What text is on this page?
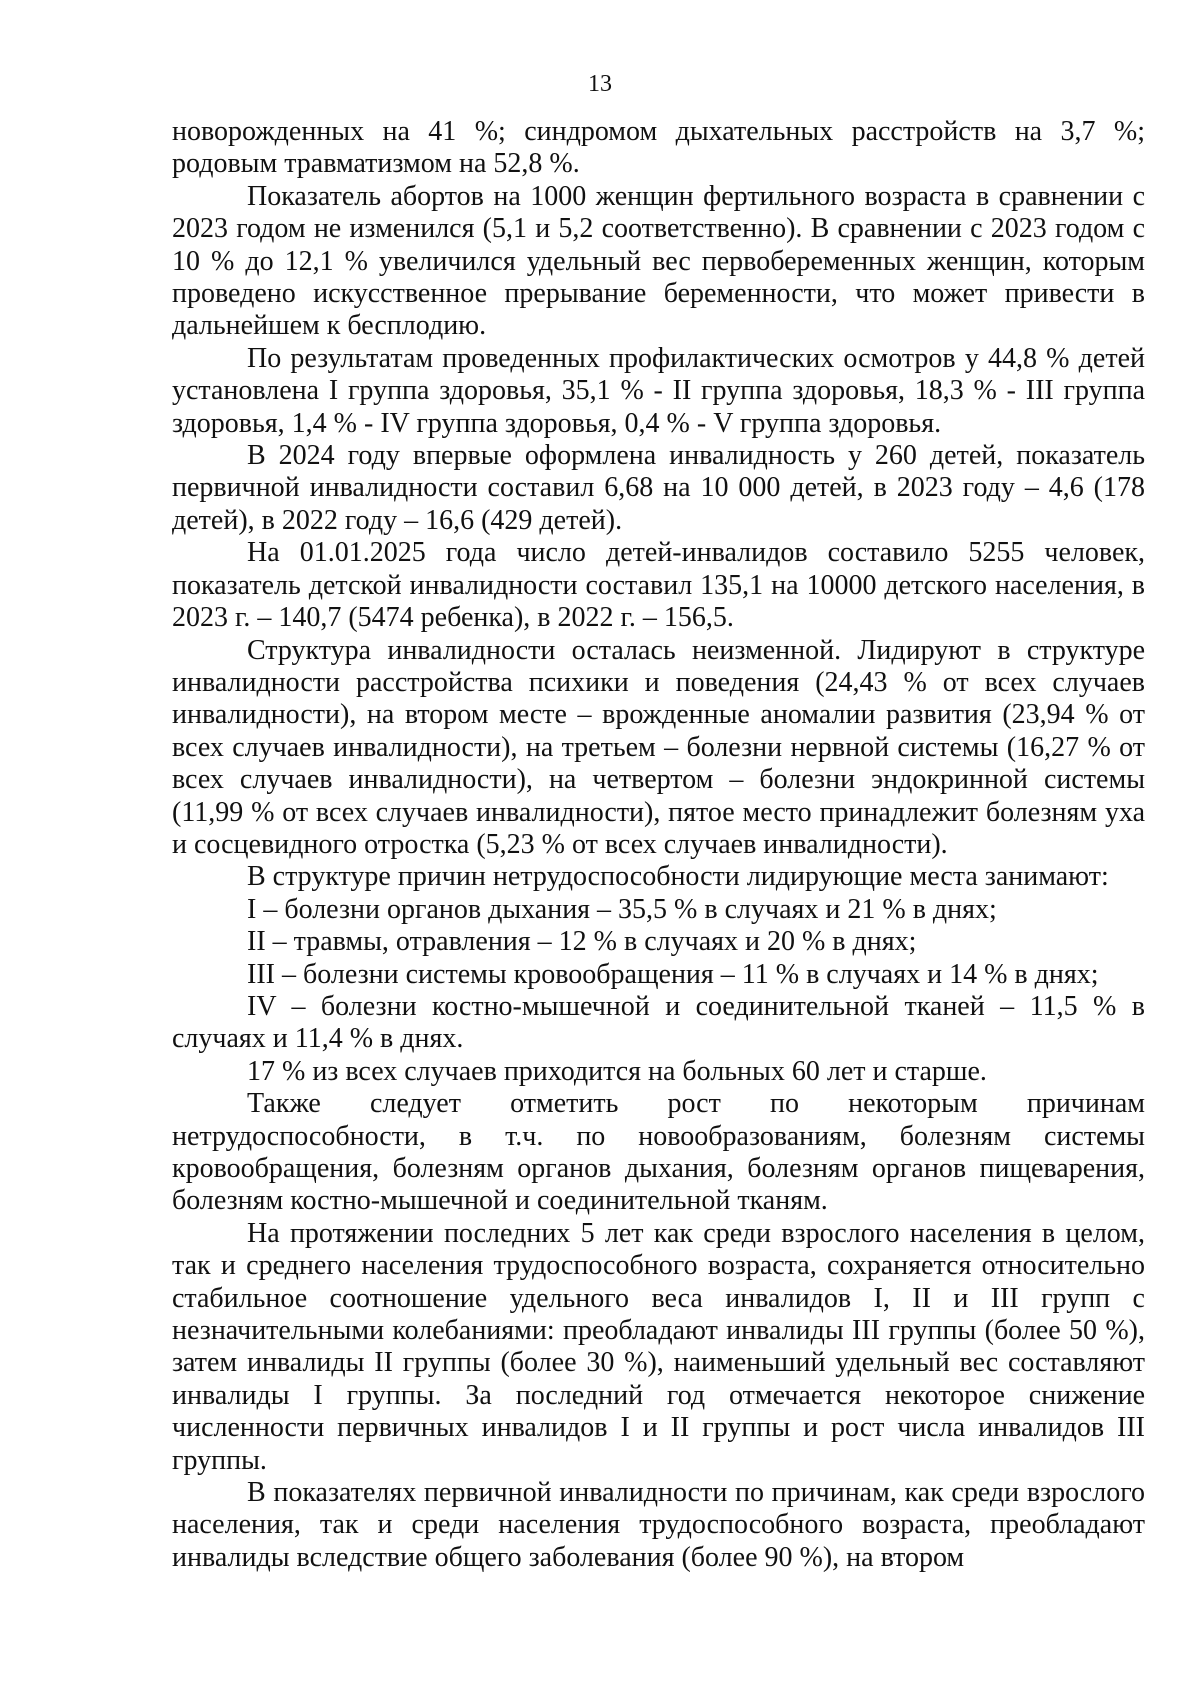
13

новорожденных на 41 %; синдромом дыхательных расстройств на 3,7 %; родовым травматизмом на 52,8 %.

Показатель абортов на 1000 женщин фертильного возраста в сравнении с 2023 годом не изменился (5,1 и 5,2 соответственно). В сравнении с 2023 годом с 10 % до 12,1 % увеличился удельный вес первобеременных женщин, которым проведено искусственное прерывание беременности, что может привести в дальнейшем к бесплодию.

По результатам проведенных профилактических осмотров у 44,8 % детей установлена I группа здоровья, 35,1 % - II группа здоровья, 18,3 % - III группа здоровья, 1,4 % - IV группа здоровья, 0,4 % - V группа здоровья.

В 2024 году впервые оформлена инвалидность у 260 детей, показатель первичной инвалидности составил 6,68 на 10 000 детей, в 2023 году – 4,6 (178 детей), в 2022 году – 16,6 (429 детей).

На 01.01.2025 года число детей-инвалидов составило 5255 человек, показатель детской инвалидности составил 135,1 на 10000 детского населения, в 2023 г. – 140,7 (5474 ребенка), в 2022 г. – 156,5.

Структура инвалидности осталась неизменной. Лидируют в структуре инвалидности расстройства психики и поведения (24,43 % от всех случаев инвалидности), на втором месте – врожденные аномалии развития (23,94 % от всех случаев инвалидности), на третьем – болезни нервной системы (16,27 % от всех случаев инвалидности), на четвертом – болезни эндокринной системы (11,99 % от всех случаев инвалидности), пятое место принадлежит болезням уха и сосцевидного отростка (5,23 % от всех случаев инвалидности).

В структуре причин нетрудоспособности лидирующие места занимают:

I – болезни органов дыхания – 35,5 % в случаях и 21 % в днях;

II – травмы, отравления – 12 % в случаях и 20 % в днях;

III – болезни системы кровообращения – 11 % в случаях и 14 % в днях;

IV – болезни костно-мышечной и соединительной тканей – 11,5 % в случаях и 11,4 % в днях.

17 % из всех случаев приходится на больных 60 лет и старше.

Также следует отметить рост по некоторым причинам нетрудоспособности, в т.ч. по новообразованиям, болезням системы кровообращения, болезням органов дыхания, болезням органов пищеварения, болезням костно-мышечной и соединительной тканям.

На протяжении последних 5 лет как среди взрослого населения в целом, так и среднего населения трудоспособного возраста, сохраняется относительно стабильное соотношение удельного веса инвалидов I, II и III групп с незначительными колебаниями: преобладают инвалиды III группы (более 50 %), затем инвалиды II группы (более 30 %), наименьший удельный вес составляют инвалиды I группы. За последний год отмечается некоторое снижение численности первичных инвалидов I и II группы и рост числа инвалидов III группы.

В показателях первичной инвалидности по причинам, как среди взрослого населения, так и среди населения трудоспособного возраста, преобладают инвалиды вследствие общего заболевания (более 90 %), на втором
